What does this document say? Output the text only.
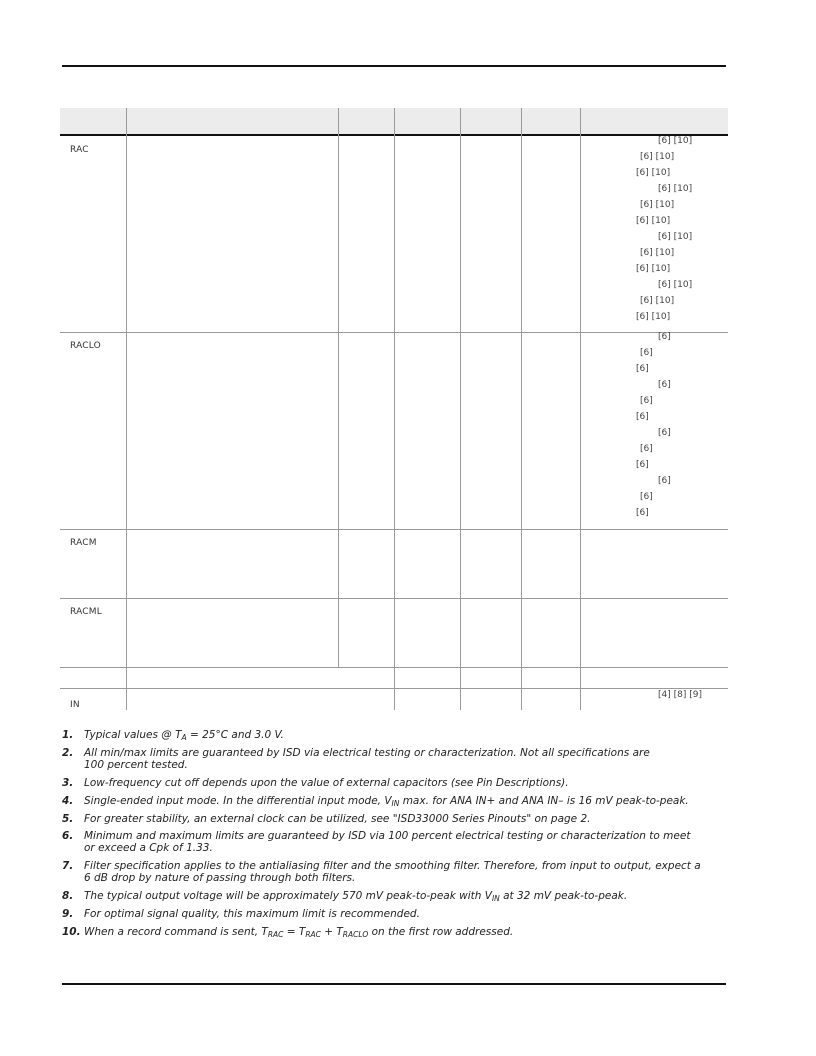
RAC
[6] [10]
[6] [10]
[6] [10]
[6] [10]
[6] [10]
[6] [10]
[6] [10]
[6] [10]
[6] [10]
[6] [10]
[6] [10]
[6] [10]
RACLO
[6]
[6]
[6]
[6]
[6]
[6]
[6]
[6]
[6]
[6]
[6]
[6]
RACM
RACML
IN
[4] [8] [9]
1. Typical values @ $T_A = 25^\circ C$ and 3.0 V.
2. All min/max limits are guaranteed by ISD via electrical testing or characterization. Not all specifications are
100 percent tested.
3. Low-frequency cut off depends upon the value of external capacitors (see Pin Descriptions).
4. Single-ended input mode. In the differential input mode, $V_{IN}$ max. for ANA IN+ and ANA IN– is 16 mV peak-to-peak.
5. For greater stability, an external clock can be utilized, see "ISD33000 Series Pinouts" on page 2.
6. Minimum and maximum limits are guaranteed by ISD via 100 percent electrical testing or characterization to meet
or exceed a Cpk of 1.33.
7. Filter specification applies to the antialiasing filter and the smoothing filter. Therefore, from input to output, expect a
6 dB drop by nature of passing through both filters.
8. The typical output voltage will be approximately 570 mV peak-to-peak with $V_{IN}$ at 32 mV peak-to-peak.
9. For optimal signal quality, this maximum limit is recommended.
10. When a record command is sent, $T_{RAC} = T_{RAC} + T_{RACLO}$ on the first row addressed.
